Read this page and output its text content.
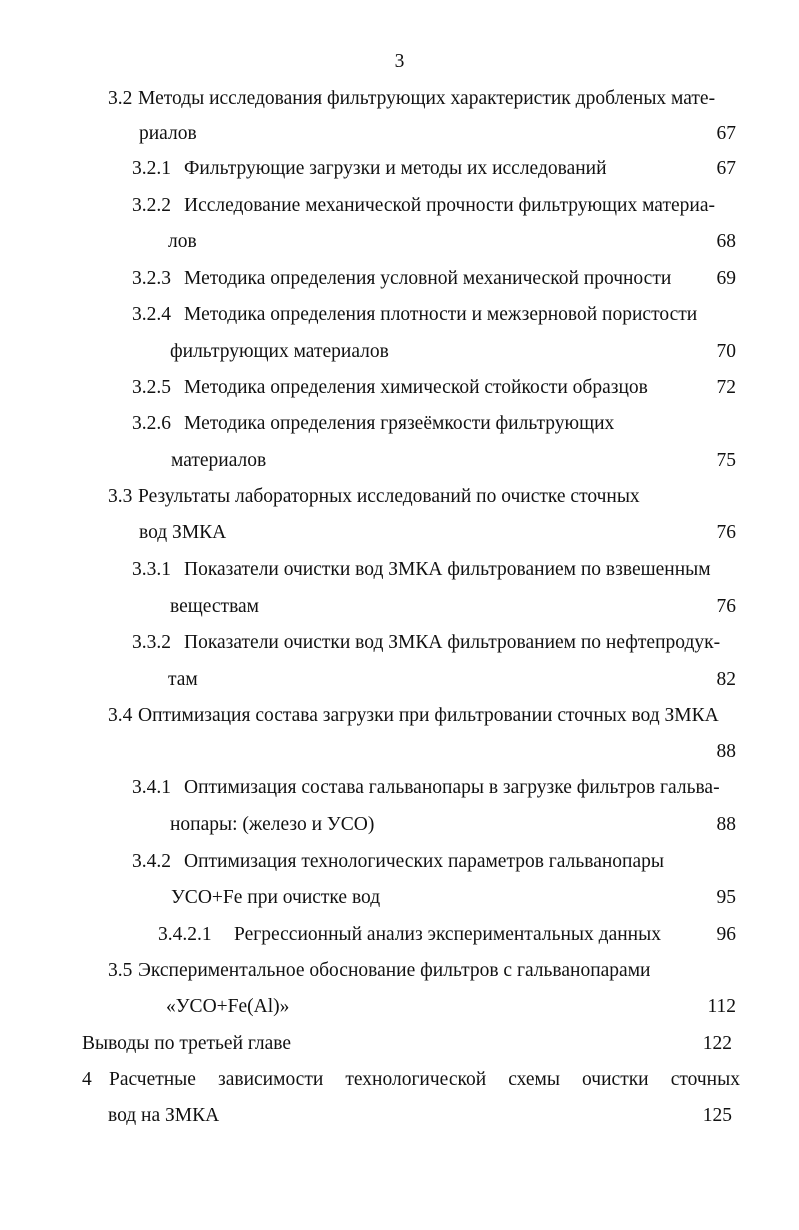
3
3.2 Методы исследования фильтрующих характеристик дробленых мате-
риалов	67
3.2.1 Фильтрующие загрузки и методы их исследований	67
3.2.2 Исследование механической прочности фильтрующих материа-
лов	68
3.2.3 Методика определения условной механической прочности	69
3.2.4 Методика определения плотности и межзерновой пористости
фильтрующих материалов	70
3.2.5 Методика определения химической стойкости образцов	72
3.2.6 Методика определения грязеёмкости фильтрующих
материалов	75
3.3 Результаты лабораторных исследований по очистке сточных
вод ЗМКА	76
3.3.1 Показатели очистки вод ЗМКА фильтрованием по взвешенным
веществам	76
3.3.2 Показатели очистки вод ЗМКА фильтрованием по нефтепродук-
там	82
3.4 Оптимизация состава загрузки при фильтровании сточных вод ЗМКА
88
3.4.1 Оптимизация состава гальванопары в загрузке фильтров гальва-
нопары: (железо и УСО)	88
3.4.2 Оптимизация технологических параметров гальванопары
УСО+Fe при очистке вод	95
3.4.2.1 Регрессионный анализ экспериментальных данных	96
3.5 Экспериментальное обоснование фильтров с гальванопарами
«УСО+Fe(Al)»	112
Выводы по третьей главе	122
4 Расчетные зависимости технологической схемы очистки сточных
вод на ЗМКА	125
